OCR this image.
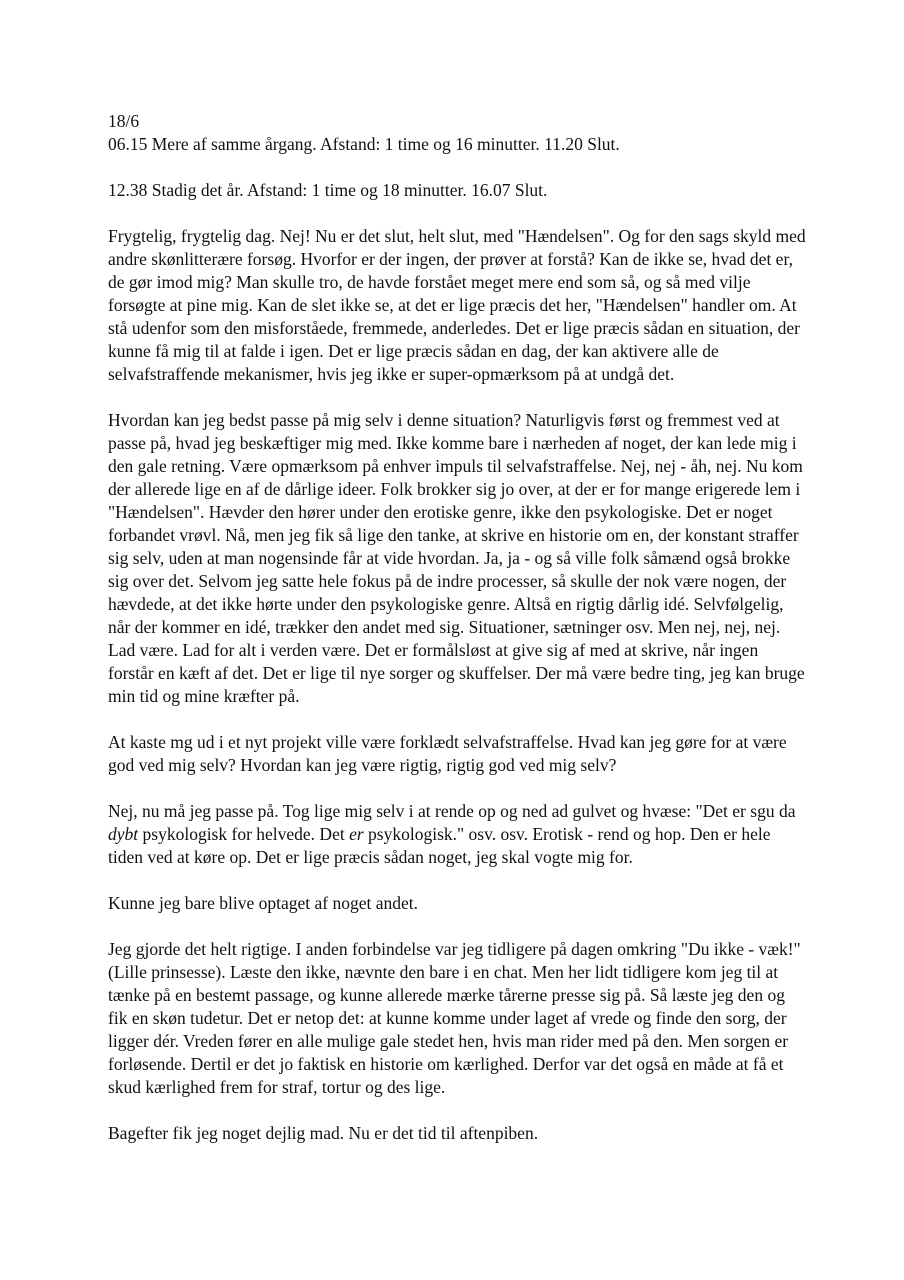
18/6

06.15 Mere af samme årgang. Afstand: 1 time og 16 minutter. 11.20 Slut.

12.38 Stadig det år. Afstand: 1 time og 18 minutter. 16.07 Slut.

Frygtelig, frygtelig dag. Nej! Nu er det slut, helt slut, med "Hændelsen". Og for den sags skyld med andre skønlitterære forsøg. Hvorfor er der ingen, der prøver at forstå? Kan de ikke se, hvad det er, de gør imod mig? Man skulle tro, de havde forstået meget mere end som så, og så med vilje forsøgte at pine mig. Kan de slet ikke se, at det er lige præcis det her, "Hændelsen" handler om. At stå udenfor som den misforståede, fremmede, anderledes. Det er lige præcis sådan en situation, der kunne få mig til at falde i igen. Det er lige præcis sådan en dag, der kan aktivere alle de selvafstraffende mekanismer, hvis jeg ikke er super-opmærksom på at undgå det.

Hvordan kan jeg bedst passe på mig selv i denne situation? Naturligvis først og fremmest ved at passe på, hvad jeg beskæftiger mig med. Ikke komme bare i nærheden af noget, der kan lede mig i den gale retning. Være opmærksom på enhver impuls til selvafstraffelse. Nej, nej - åh, nej. Nu kom der allerede lige en af de dårlige ideer. Folk brokker sig jo over, at der er for mange erigerede lem i "Hændelsen". Hævder den hører under den erotiske genre, ikke den psykologiske. Det er noget forbandet vrøvl. Nå, men jeg fik så lige den tanke, at skrive en historie om en, der konstant straffer sig selv, uden at man nogensinde får at vide hvordan. Ja, ja - og så ville folk såmænd også brokke sig over det. Selvom jeg satte hele fokus på de indre processer, så skulle der nok være nogen, der hævdede, at det ikke hørte under den psykologiske genre. Altså en rigtig dårlig idé. Selvfølgelig, når der kommer en idé, trækker den andet med sig. Situationer, sætninger osv. Men nej, nej, nej. Lad være. Lad for alt i verden være. Det er formålsløst at give sig af med at skrive, når ingen forstår en kæft af det. Det er lige til nye sorger og skuffelser. Der må være bedre ting, jeg kan bruge min tid og mine kræfter på.

At kaste mg ud i et nyt projekt ville være forklædt selvafstraffelse. Hvad kan jeg gøre for at være god ved mig selv? Hvordan kan jeg være rigtig, rigtig god ved mig selv?

Nej, nu må jeg passe på. Tog lige mig selv i at rende op og ned ad gulvet og hvæse: "Det er sgu da dybt psykologisk for helvede. Det er psykologisk." osv. osv. Erotisk - rend og hop. Den er hele tiden ved at køre op. Det er lige præcis sådan noget, jeg skal vogte mig for.

Kunne jeg bare blive optaget af noget andet.

Jeg gjorde det helt rigtige. I anden forbindelse var jeg tidligere på dagen omkring "Du ikke - væk!" (Lille prinsesse). Læste den ikke, nævnte den bare i en chat. Men her lidt tidligere kom jeg til at tænke på en bestemt passage, og kunne allerede mærke tårerne presse sig på. Så læste jeg den og fik en skøn tudetur. Det er netop det: at kunne komme under laget af vrede og finde den sorg, der ligger dér. Vreden fører en alle mulige gale stedet hen, hvis man rider med på den. Men sorgen er forløsende. Dertil er det jo faktisk en historie om kærlighed. Derfor var det også en måde at få et skud kærlighed frem for straf, tortur og des lige.

Bagefter fik jeg noget dejlig mad. Nu er det tid til aftenpiben.
